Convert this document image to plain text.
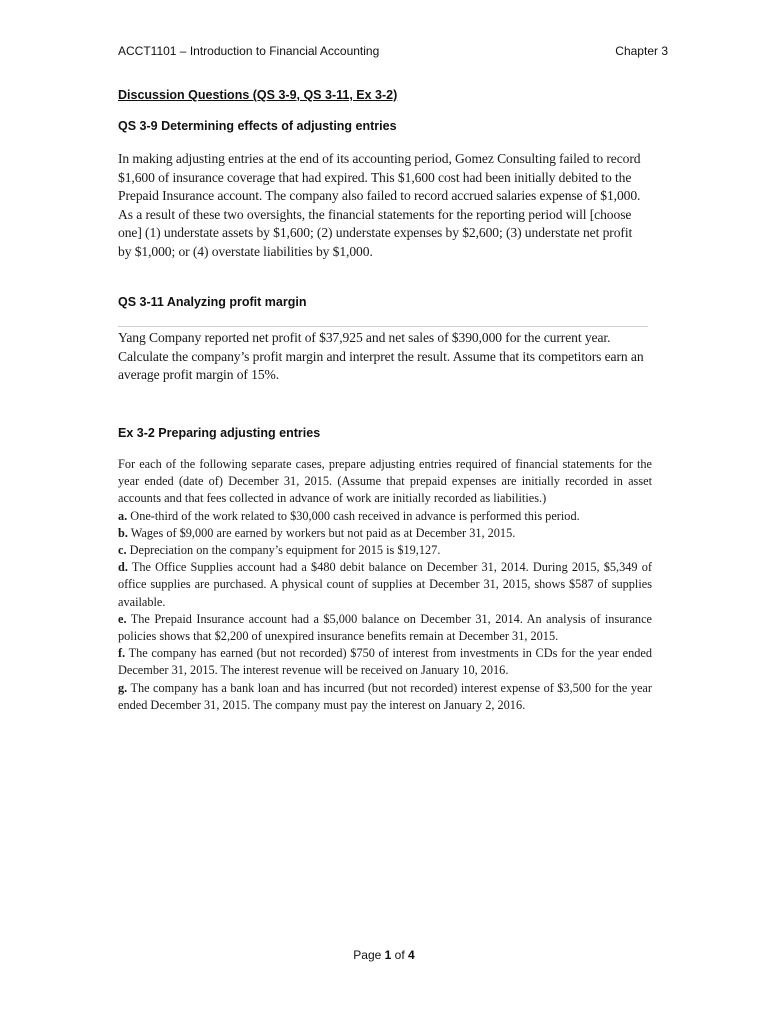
ACCT1101 – Introduction to Financial Accounting	Chapter 3
Discussion Questions (QS 3-9, QS 3-11, Ex 3-2)
QS 3-9 Determining effects of adjusting entries
In making adjusting entries at the end of its accounting period, Gomez Consulting failed to record $1,600 of insurance coverage that had expired. This $1,600 cost had been initially debited to the Prepaid Insurance account. The company also failed to record accrued salaries expense of $1,000. As a result of these two oversights, the financial statements for the reporting period will [choose one] (1) understate assets by $1,600; (2) understate expenses by $2,600; (3) understate net profit by $1,000; or (4) overstate liabilities by $1,000.
QS 3-11 Analyzing profit margin
Yang Company reported net profit of $37,925 and net sales of $390,000 for the current year. Calculate the company’s profit margin and interpret the result. Assume that its competitors earn an average profit margin of 15%.
Ex 3-2 Preparing adjusting entries

For each of the following separate cases, prepare adjusting entries required of financial statements for the year ended (date of) December 31, 2015. (Assume that prepaid expenses are initially recorded in asset accounts and that fees collected in advance of work are initially recorded as liabilities.)

a. One-third of the work related to $30,000 cash received in advance is performed this period.

b. Wages of $9,000 are earned by workers but not paid as at December 31, 2015.

c. Depreciation on the company’s equipment for 2015 is $19,127.

d. The Office Supplies account had a $480 debit balance on December 31, 2014. During 2015, $5,349 of office supplies are purchased. A physical count of supplies at December 31, 2015, shows $587 of supplies available.

e. The Prepaid Insurance account had a $5,000 balance on December 31, 2014. An analysis of insurance policies shows that $2,200 of unexpired insurance benefits remain at December 31, 2015.

f. The company has earned (but not recorded) $750 of interest from investments in CDs for the year ended December 31, 2015. The interest revenue will be received on January 10, 2016.

g. The company has a bank loan and has incurred (but not recorded) interest expense of $3,500 for the year ended December 31, 2015. The company must pay the interest on January 2, 2016.

Page 1 of 4
